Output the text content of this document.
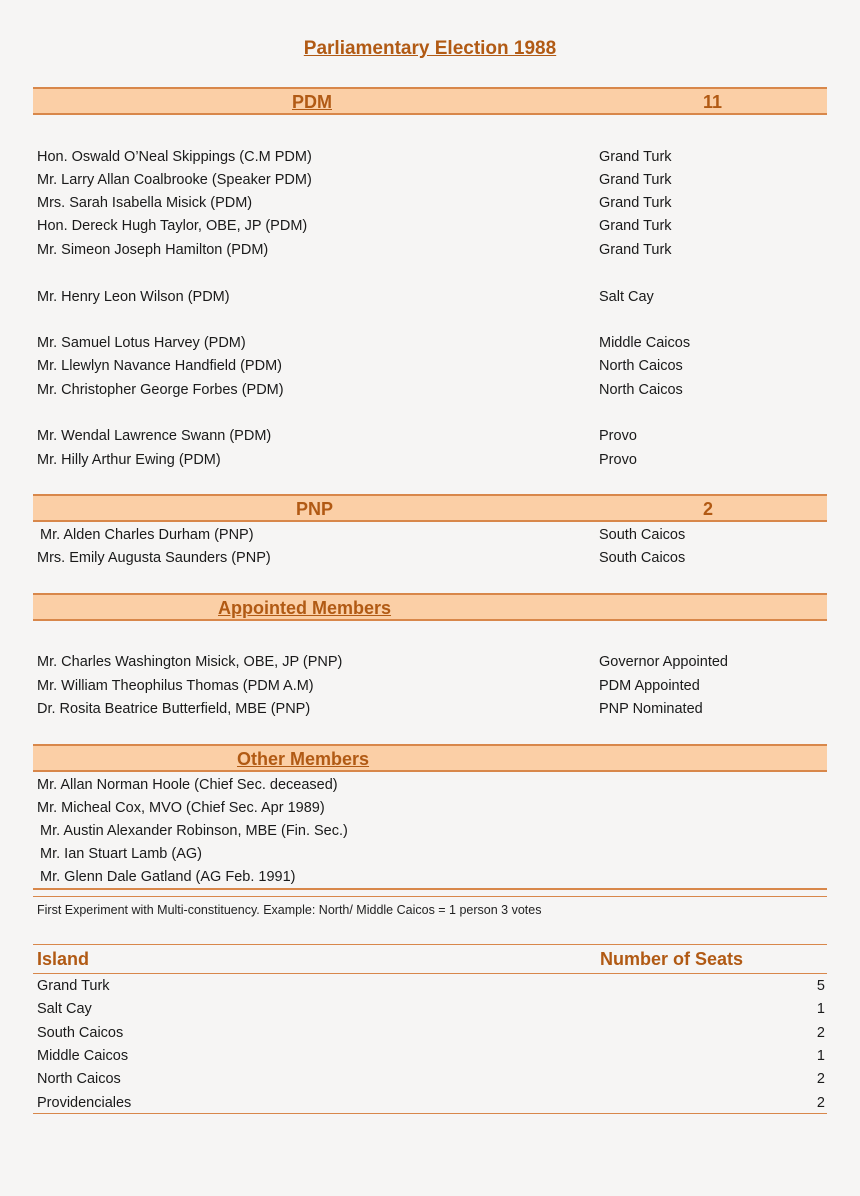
Parliamentary Election 1988
PDM	11
Hon. Oswald O’Neal Skippings (C.M PDM)	Grand Turk
Mr. Larry Allan Coalbrooke (Speaker PDM)	Grand Turk
Mrs. Sarah Isabella Misick (PDM)	Grand Turk
Hon. Dereck Hugh Taylor, OBE, JP (PDM)	Grand Turk
Mr. Simeon Joseph Hamilton (PDM)	Grand Turk
Mr. Henry Leon Wilson (PDM)	Salt Cay
Mr. Samuel Lotus Harvey (PDM)	Middle Caicos
Mr. Llewlyn Navance Handfield (PDM)	North Caicos
Mr. Christopher George Forbes (PDM)	North Caicos
Mr. Wendal Lawrence Swann (PDM)	Provo
Mr. Hilly Arthur Ewing (PDM)	Provo
PNP	2
Mr. Alden Charles Durham (PNP)	South Caicos
Mrs. Emily Augusta Saunders (PNP)	South Caicos
Appointed Members
Mr. Charles Washington Misick, OBE, JP (PNP)	Governor Appointed
Mr. William Theophilus Thomas (PDM A.M)	PDM Appointed
Dr. Rosita Beatrice Butterfield, MBE (PNP)	PNP Nominated
Other Members
Mr. Allan Norman Hoole (Chief Sec. deceased)
Mr. Micheal Cox, MVO (Chief Sec. Apr 1989)
Mr. Austin Alexander Robinson, MBE (Fin. Sec.)
Mr. Ian Stuart Lamb (AG)
Mr. Glenn Dale Gatland (AG Feb. 1991)
First Experiment with Multi-constituency. Example: North/ Middle Caicos = 1 person 3 votes
Island	Number of Seats
Grand Turk	5
Salt Cay	1
South Caicos	2
Middle Caicos	1
North Caicos	2
Providenciales	2
